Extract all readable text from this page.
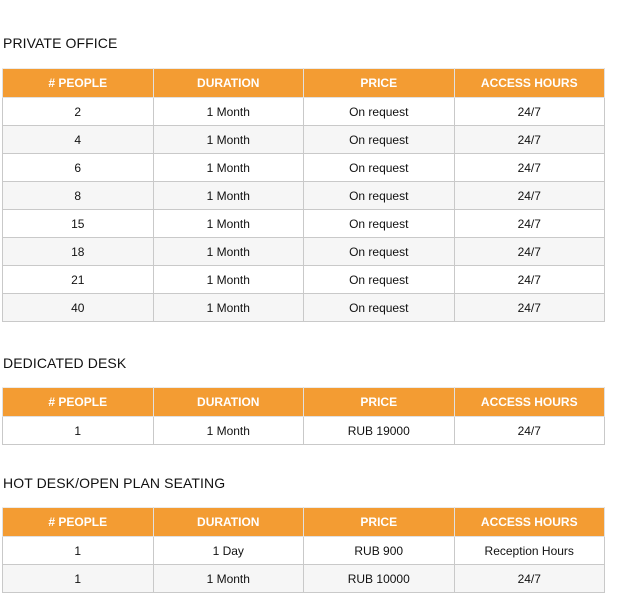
PRIVATE OFFICE
# PEOPLE	DURATION	PRICE	ACCESS HOURS
2	1 Month	On request	24/7
4	1 Month	On request	24/7
6	1 Month	On request	24/7
8	1 Month	On request	24/7
15	1 Month	On request	24/7
18	1 Month	On request	24/7
21	1 Month	On request	24/7
40	1 Month	On request	24/7
DEDICATED DESK
# PEOPLE	DURATION	PRICE	ACCESS HOURS
1	1 Month	RUB 19000	24/7
HOT DESK/OPEN PLAN SEATING
# PEOPLE	DURATION	PRICE	ACCESS HOURS
1	1 Day	RUB 900	Reception Hours
1	1 Month	RUB 10000	24/7
